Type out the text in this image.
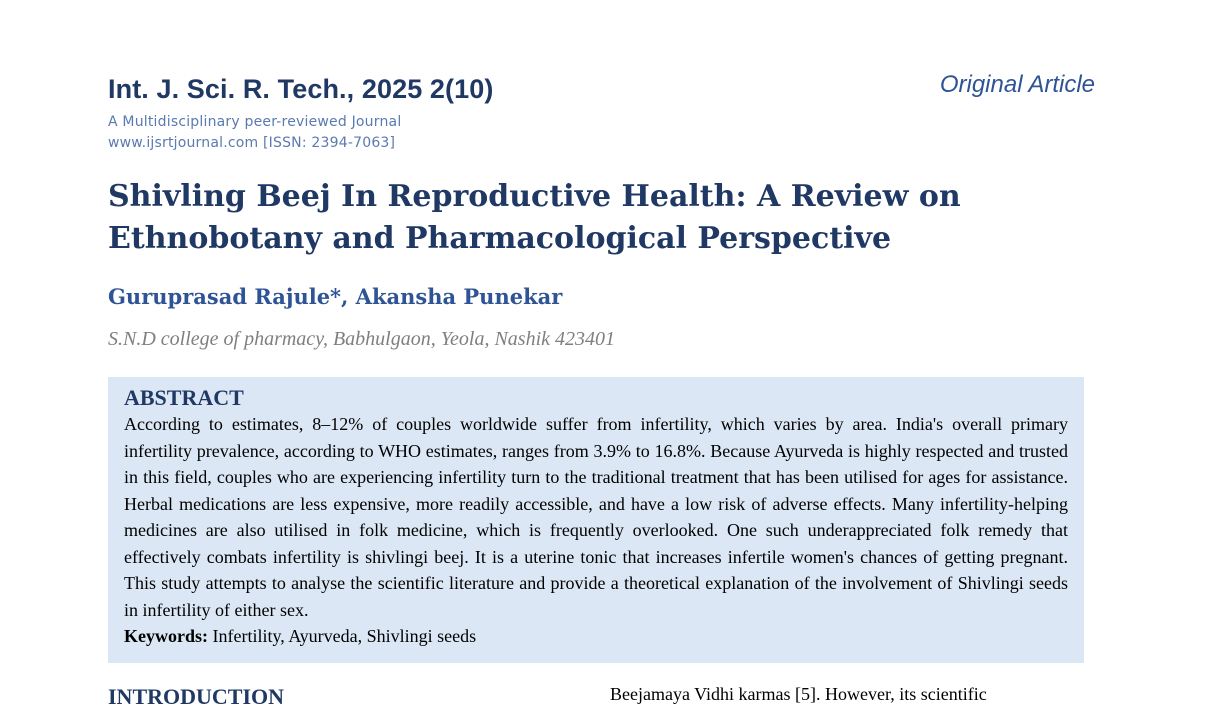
Int. J. Sci. R. Tech., 2025 2(10)	Original Article
A Multidisciplinary peer-reviewed Journal
www.ijsrtjournal.com [ISSN: 2394-7063]
Shivling Beej In Reproductive Health: A Review on
Ethnobotany and Pharmacological Perspective
Guruprasad Rajule*, Akansha Punekar
S.N.D college of pharmacy, Babhulgaon, Yeola, Nashik 423401
ABSTRACT

According to estimates, 8–12% of couples worldwide suffer from infertility, which varies by area. India's overall primary infertility prevalence, according to WHO estimates, ranges from 3.9% to 16.8%. Because Ayurveda is highly respected and trusted in this field, couples who are experiencing infertility turn to the traditional treatment that has been utilised for ages for assistance. Herbal medications are less expensive, more readily accessible, and have a low risk of adverse effects. Many infertility-helping medicines are also utilised in folk medicine, which is frequently overlooked. One such underappreciated folk remedy that effectively combats infertility is shivlingi beej. It is a uterine tonic that increases infertile women's chances of getting pregnant. This study attempts to analyse the scientific literature and provide a theoretical explanation of the involvement of Shivlingi seeds in infertility of either sex.

Keywords: Infertility, Ayurveda, Shivlingi seeds
INTRODUCTION	Beejamaya Vidhi karmas [5]. However, its scientific
